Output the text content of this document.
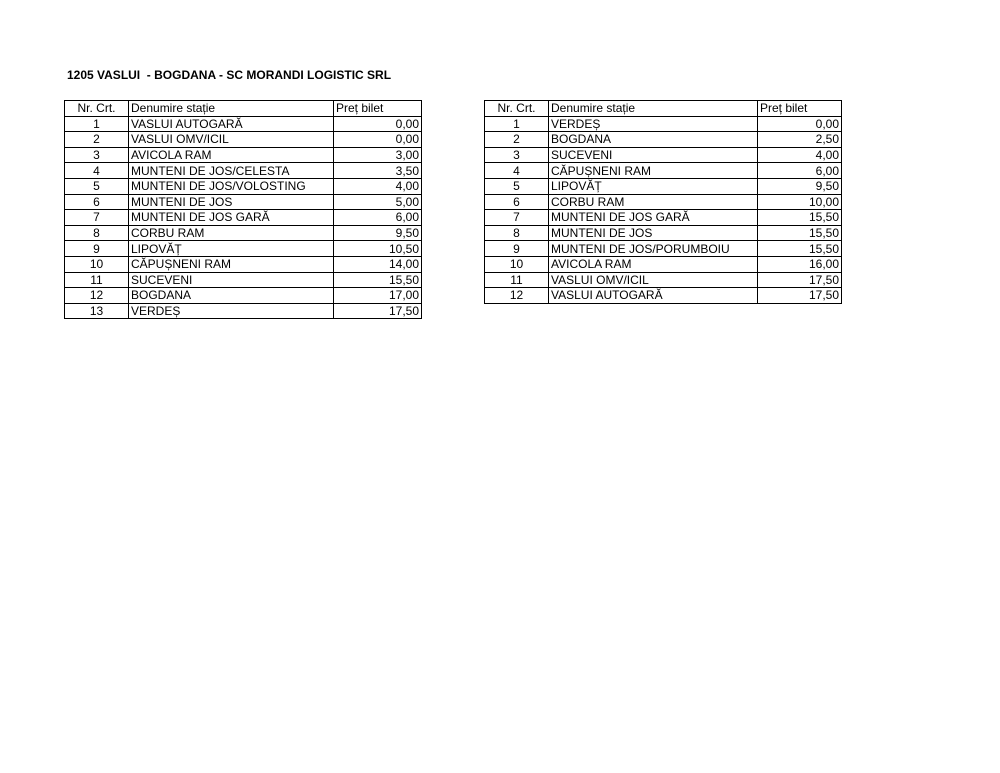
1205 VASLUI  - BOGDANA - SC MORANDI LOGISTIC SRL
Nr. Crt.	Denumire stație	Preț bilet
1	VASLUI AUTOGARĂ	0,00
2	VASLUI OMV/ICIL	0,00
3	AVICOLA RAM	3,00
4	MUNTENI DE JOS/CELESTA	3,50
5	MUNTENI DE JOS/VOLOSTING	4,00
6	MUNTENI DE JOS	5,00
7	MUNTENI DE JOS GARĂ	6,00
8	CORBU RAM	9,50
9	LIPOVĂȚ	10,50
10	CĂPUȘNENI RAM	14,00
11	SUCEVENI	15,50
12	BOGDANA	17,00
13	VERDEȘ	17,50
Nr. Crt.	Denumire stație	Preț bilet
1	VERDEȘ	0,00
2	BOGDANA	2,50
3	SUCEVENI	4,00
4	CĂPUȘNENI RAM	6,00
5	LIPOVĂȚ	9,50
6	CORBU RAM	10,00
7	MUNTENI DE JOS GARĂ	15,50
8	MUNTENI DE JOS	15,50
9	MUNTENI DE JOS/PORUMBOIU	15,50
10	AVICOLA RAM	16,00
11	VASLUI OMV/ICIL	17,50
12	VASLUI AUTOGARĂ	17,50
